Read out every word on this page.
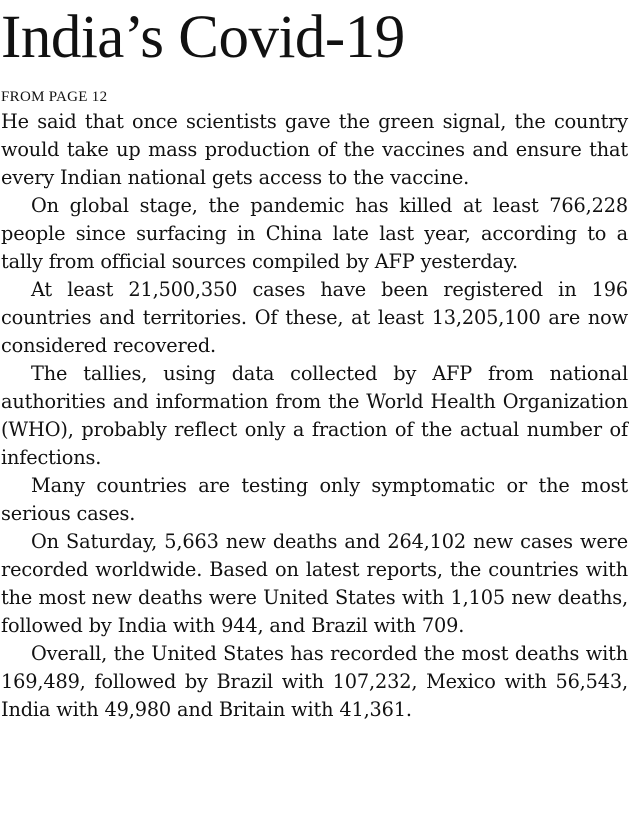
India’s Covid-19
FROM PAGE 12

He said that once scientists gave the green signal, the country would take up mass production of the vaccines and ensure that every Indian national gets access to the vaccine.

On global stage, the pandemic has killed at least 766,228 people since surfacing in China late last year, according to a tally from official sources compiled by AFP yesterday.

At least 21,500,350 cases have been registered in 196 countries and territories. Of these, at least 13,205,100 are now considered recovered.

The tallies, using data collected by AFP from national authorities and information from the World Health Organization (WHO), probably reflect only a fraction of the actual number of infections.

Many countries are testing only symptomatic or the most serious cases.

On Saturday, 5,663 new deaths and 264,102 new cases were recorded worldwide. Based on latest reports, the countries with the most new deaths were United States with 1,105 new deaths, followed by India with 944, and Brazil with 709.

Overall, the United States has recorded the most deaths with 169,489, followed by Brazil with 107,232, Mexico with 56,543, India with 49,980 and Britain with 41,361.
